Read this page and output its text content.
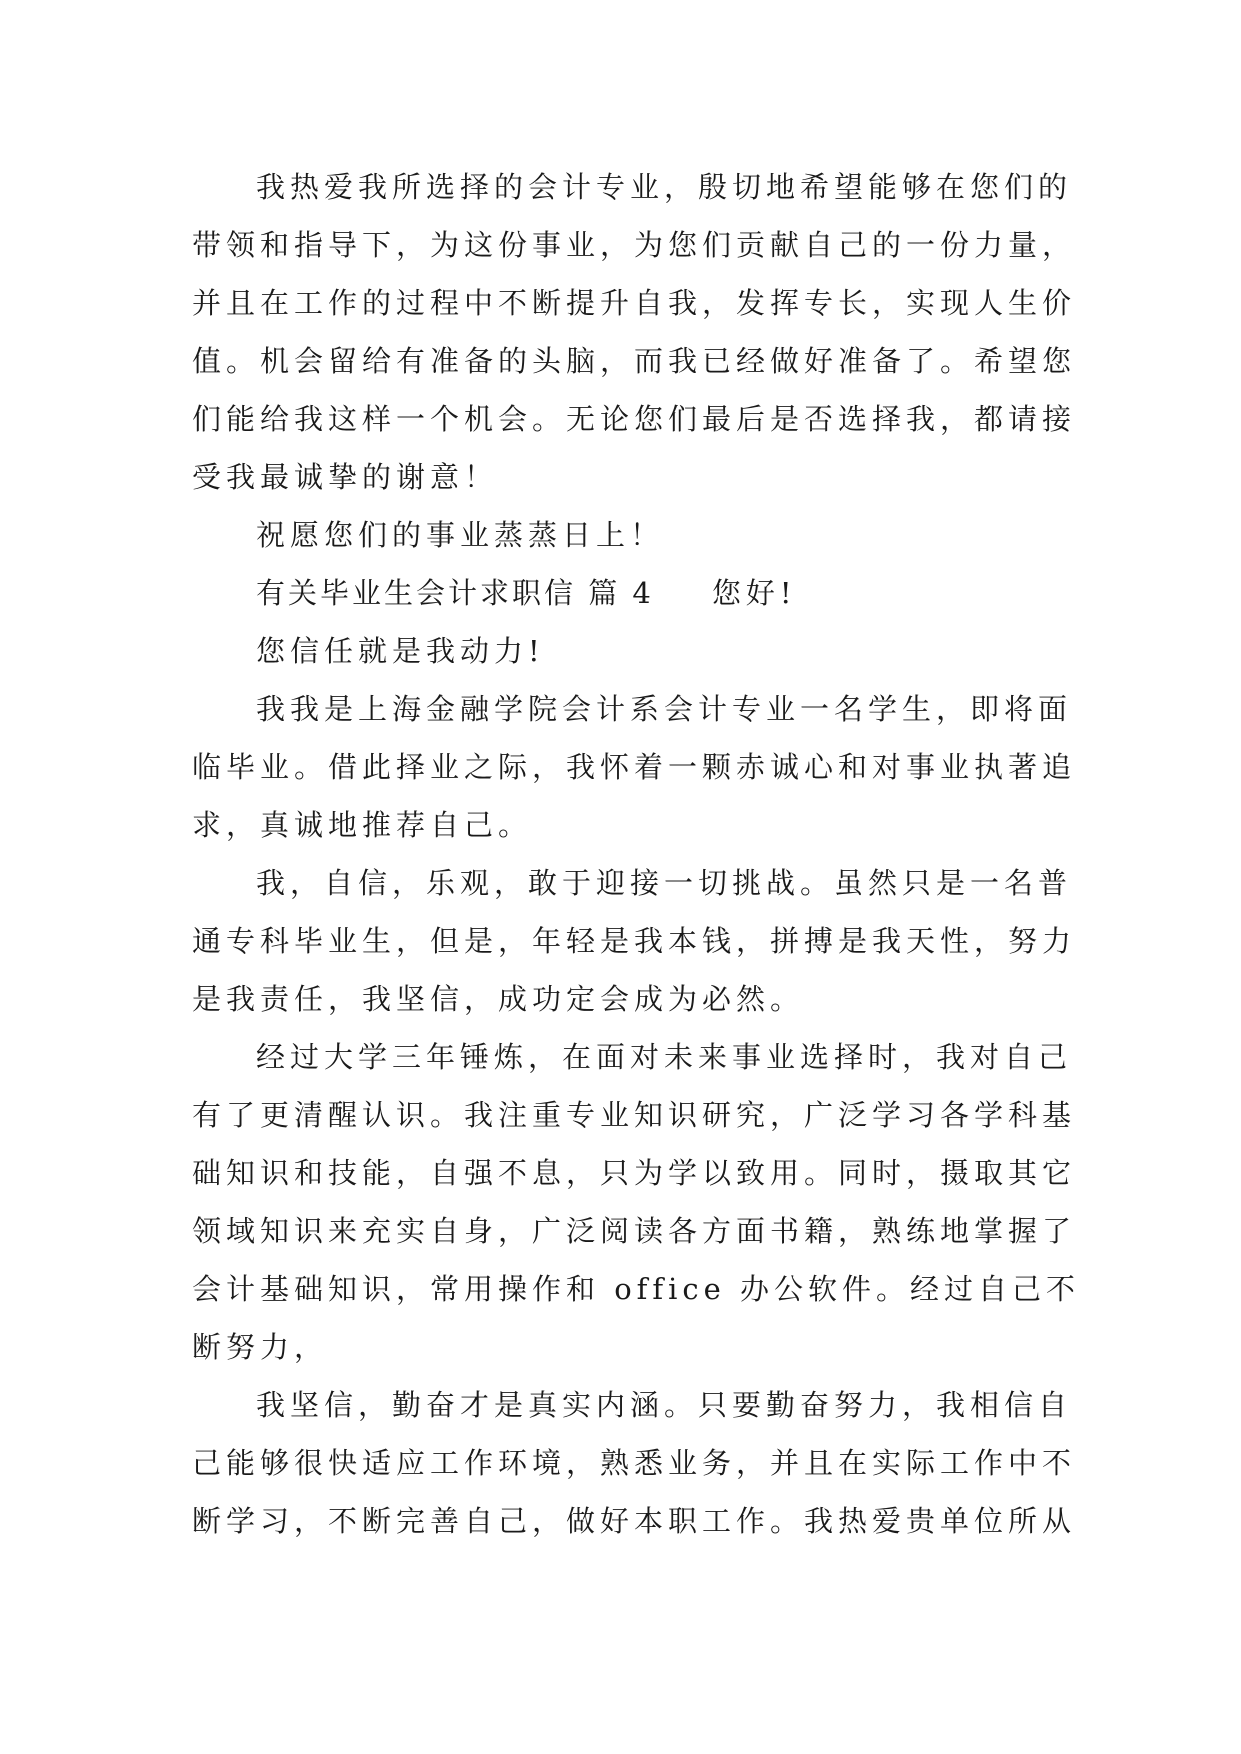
我热爱我所选择的会计专业，殷切地希望能够在您们的
带领和指导下，为这份事业，为您们贡献自己的一份力量，
并且在工作的过程中不断提升自我，发挥专长，实现人生价
值。机会留给有准备的头脑，而我已经做好准备了。希望您
们能给我这样一个机会。无论您们最后是否选择我，都请接
受我最诚挚的谢意！
祝愿您们的事业蒸蒸日上！
有关毕业生会计求职信 篇 4 您好!
您信任就是我动力!
我我是上海金融学院会计系会计专业一名学生，即将面
临毕业。借此择业之际，我怀着一颗赤诚心和对事业执著追
求，真诚地推荐自己。
我，自信，乐观，敢于迎接一切挑战。虽然只是一名普
通专科毕业生，但是，年轻是我本钱，拼搏是我天性，努力
是我责任，我坚信，成功定会成为必然。
经过大学三年锤炼，在面对未来事业选择时，我对自己
有了更清醒认识。我注重专业知识研究，广泛学习各学科基
础知识和技能，自强不息，只为学以致用。同时，摄取其它
领域知识来充实自身，广泛阅读各方面书籍，熟练地掌握了
会计基础知识，常用操作和 office 办公软件。经过自己不
断努力，
我坚信，勤奋才是真实内涵。只要勤奋努力，我相信自
己能够很快适应工作环境，熟悉业务，并且在实际工作中不
断学习，不断完善自己，做好本职工作。我热爱贵单位所从
